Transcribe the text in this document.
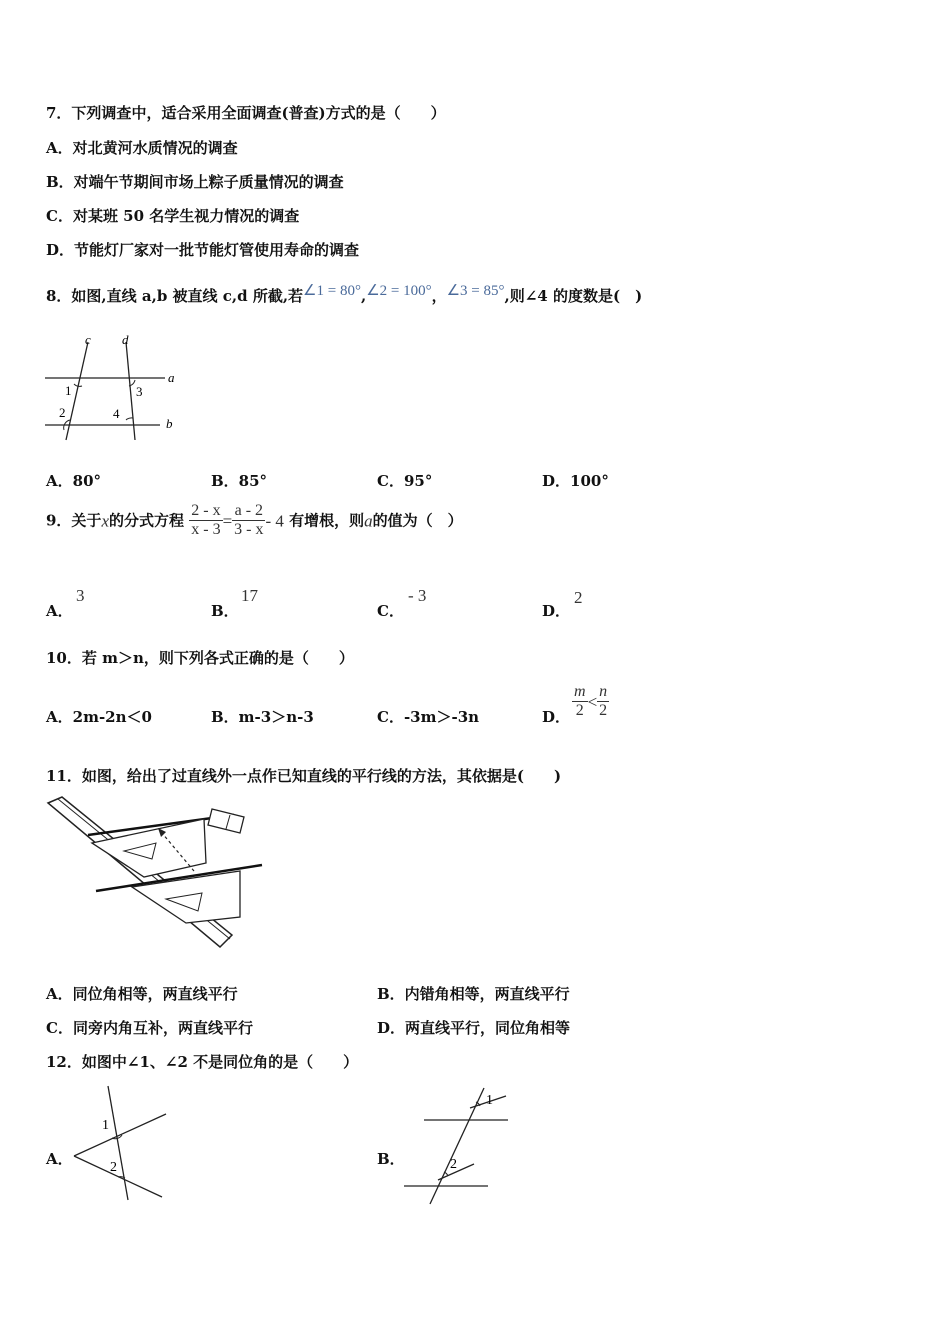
7．下列调查中，适合采用全面调查(普查)方式的是（　　）
A．对北黄河水质情况的调查
B．对端午节期间市场上粽子质量情况的调查
C．对某班 50 名学生视力情况的调查
D．节能灯厂家对一批节能灯管使用寿命的调查
8．如图,直线 a,b 被直线 c,d 所截,若∠1 = 80°,∠2 = 100°，∠3 = 85°,则∠4 的度数是(　)
c d
a
b
1
2
3
4
A．80°	B．85°	C．95°	D．100°
9．关于x的分式方程 $\frac{2 - x}{x - 3} = \frac{a - 2}{3 - x} - 4$ 有增根，则a的值为（　）
A．
3
B．
17
C．
- 3
D．
2
10．若 m＞n，则下列各式正确的是（　　）
A．2m-2n＜0	B．m-3＞n-3	C．-3m＞-3n	D． $\frac{m}{2} < \frac{n}{2}$
11．如图，给出了过直线外一点作已知直线的平行线的方法，其依据是(　　)
A．同位角相等，两直线平行	B．内错角相等，两直线平行
C．同旁内角互补，两直线平行	D．两直线平行，同位角相等
12．如图中∠1、∠2 不是同位角的是（　　）
A．
1
2	B．
1
2
